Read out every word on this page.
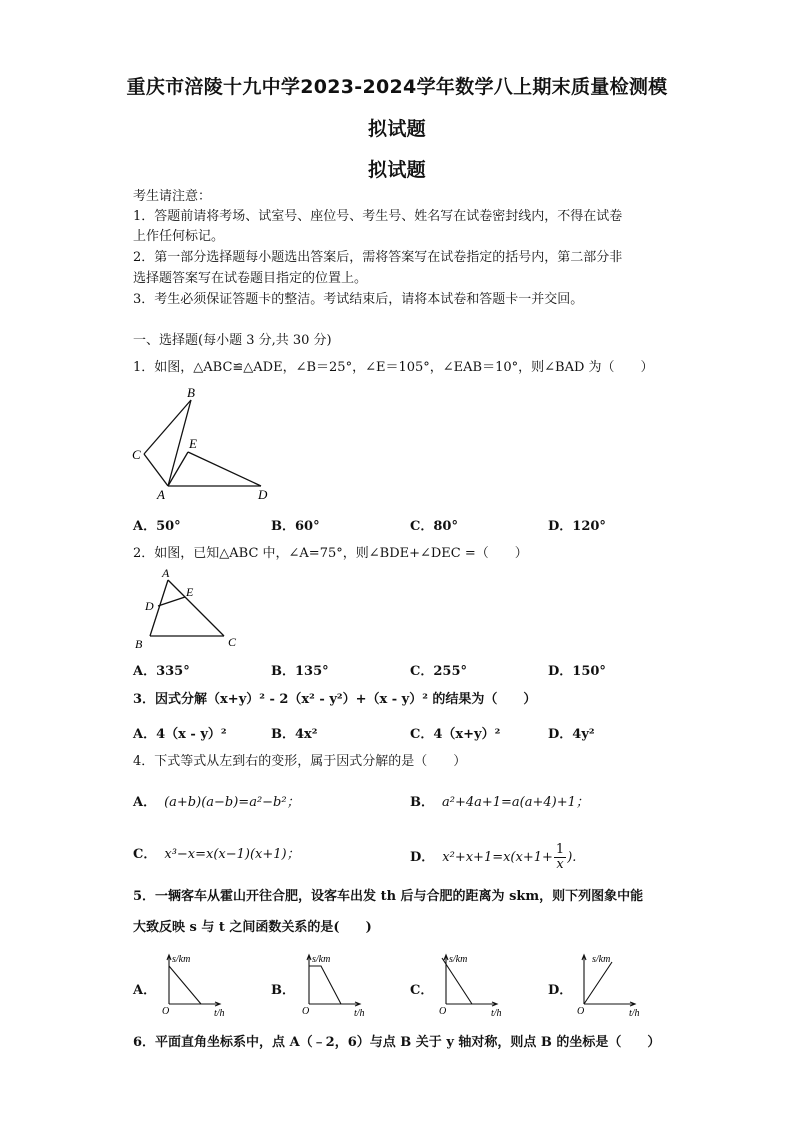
重庆市涪陵十九中学2023-2024学年数学八上期末质量检测模
拟试题
拟试题
考生请注意：
1．答题前请将考场、试室号、座位号、考生号、姓名写在试卷密封线内，不得在试卷
上作任何标记。
2．第一部分选择题每小题选出答案后，需将答案写在试卷指定的括号内，第二部分非
选择题答案写在试卷题目指定的位置上。
3．考生必须保证答题卡的整洁。考试结束后，请将本试卷和答题卡一并交回。
一、选择题(每小题 3 分,共 30 分)
1．如图，△ABC≌△ADE，∠B＝25°，∠E＝105°，∠EAB＝10°，则∠BAD 为（　　）
B
C
E
A	D
A．50°	B．60°	C．80°	D．120°
2．如图，已知△ABC 中，∠A=75°，则∠BDE+∠DEC =（　　）
A
E
D
B	C
A．335°	B．135°	C．255°	D．150°
3．因式分解（x+y）² - 2（x² - y²）+（x - y）² 的结果为（　　）
A．4（x - y）²	B．4x²	C．4（x+y）²	D．4y²
4．下式等式从左到右的变形，属于因式分解的是（　　）
A． (a+b)(a−b)=a²−b²；	B． a²+4a+1=a(a+4)+1；
C． x³−x=x(x−1)(x+1)；	D． $x^2+x+1=x(x+1+ \frac{1}{x}$ ).
5．一辆客车从霍山开往合肥，设客车出发 th 后与合肥的距离为 skm，则下列图象中能
大致反映 s 与 t 之间函数关系的是(　　)
A．	B．	C．	D．
s/km
O	t/h
s/km
O	t/h
s/km
O	t/h
s/km
O	t/h
6．平面直角坐标系中，点 A（﹣2，6）与点 B 关于 y 轴对称，则点 B 的坐标是（　　）
